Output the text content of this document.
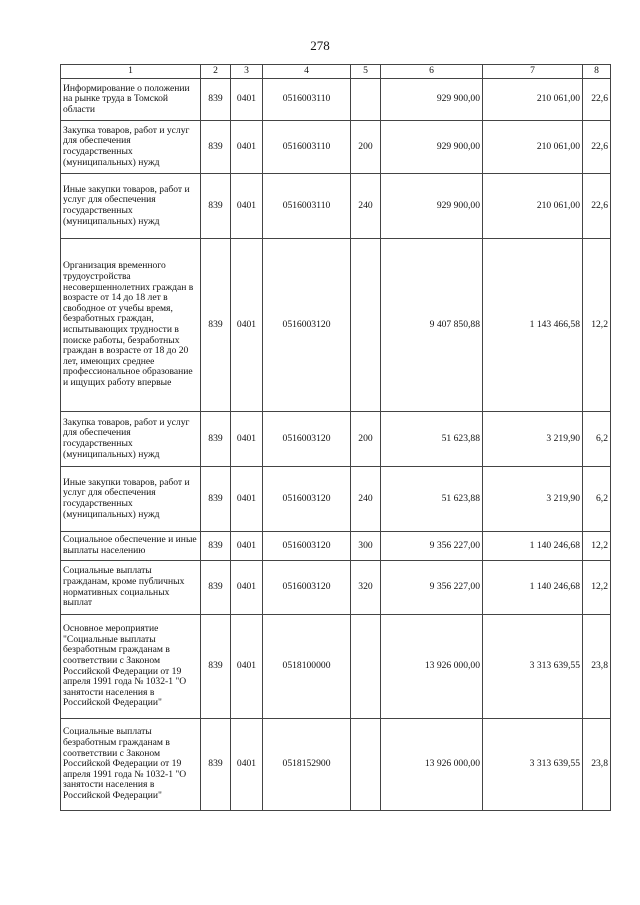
278
1	2	3	4	5	6	7	8
Информирование о положении на рынке труда в Томской области	839	0401	0516003110		929 900,00	210 061,00	22,6
Закупка товаров, работ и услуг для обеспечения государственных (муниципальных) нужд	839	0401	0516003110	200	929 900,00	210 061,00	22,6
Иные закупки товаров, работ и услуг для обеспечения государственных (муниципальных) нужд	839	0401	0516003110	240	929 900,00	210 061,00	22,6
Организация временного трудоустройства несовершеннолетних граждан в возрасте от 14 до 18 лет в свободное от учебы время, безработных граждан, испытывающих трудности в поиске работы, безработных граждан в возрасте от 18 до 20 лет, имеющих среднее профессиональное образование и ищущих работу впервые	839	0401	0516003120		9 407 850,88	1 143 466,58	12,2
Закупка товаров, работ и услуг для обеспечения государственных (муниципальных) нужд	839	0401	0516003120	200	51 623,88	3 219,90	6,2
Иные закупки товаров, работ и услуг для обеспечения государственных (муниципальных) нужд	839	0401	0516003120	240	51 623,88	3 219,90	6,2
Социальное обеспечение и иные выплаты населению	839	0401	0516003120	300	9 356 227,00	1 140 246,68	12,2
Социальные выплаты гражданам, кроме публичных нормативных социальных выплат	839	0401	0516003120	320	9 356 227,00	1 140 246,68	12,2
Основное мероприятие "Социальные выплаты безработным гражданам в соответствии с Законом Российской Федерации от 19 апреля 1991 года № 1032-1 "О занятости населения в Российской Федерации"	839	0401	0518100000		13 926 000,00	3 313 639,55	23,8
Социальные выплаты безработным гражданам в соответствии с Законом Российской Федерации от 19 апреля 1991 года № 1032-1 "О занятости населения в Российской Федерации"	839	0401	0518152900		13 926 000,00	3 313 639,55	23,8
